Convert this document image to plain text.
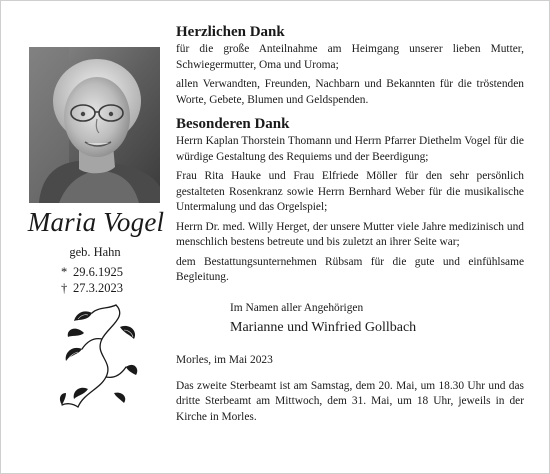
Maria Vogel
geb. Hahn
* 29.6.1925
† 27.3.2023
Herzlichen Dank

für die große Anteilnahme am Heimgang unserer lieben Mutter, Schwiegermutter, Oma und Uroma;

allen Verwandten, Freunden, Nachbarn und Bekannten für die tröstenden Worte, Gebete, Blumen und Geldspenden.

Besonderen Dank

Herrn Kaplan Thorstein Thomann und Herrn Pfarrer Diethelm Vogel für die würdige Gestaltung des Requiems und der Beerdigung;

Frau Rita Hauke und Frau Elfriede Möller für den sehr persönlich gestalteten Rosenkranz sowie Herrn Bernhard Weber für die musikalische Untermalung und das Orgelspiel;

Herrn Dr. med. Willy Herget, der unsere Mutter viele Jahre medizinisch und menschlich bestens betreute und bis zuletzt an ihrer Seite war;

dem Bestattungsunternehmen Rübsam für die gute und einfühlsame Begleitung.

Im Namen aller Angehörigen
Marianne und Winfried Gollbach
Morles, im Mai 2023

Das zweite Sterbeamt ist am Samstag, dem 20. Mai, um 18.30 Uhr und das dritte Sterbeamt am Mittwoch, dem 31. Mai, um 18 Uhr, jeweils in der Kirche in Morles.
